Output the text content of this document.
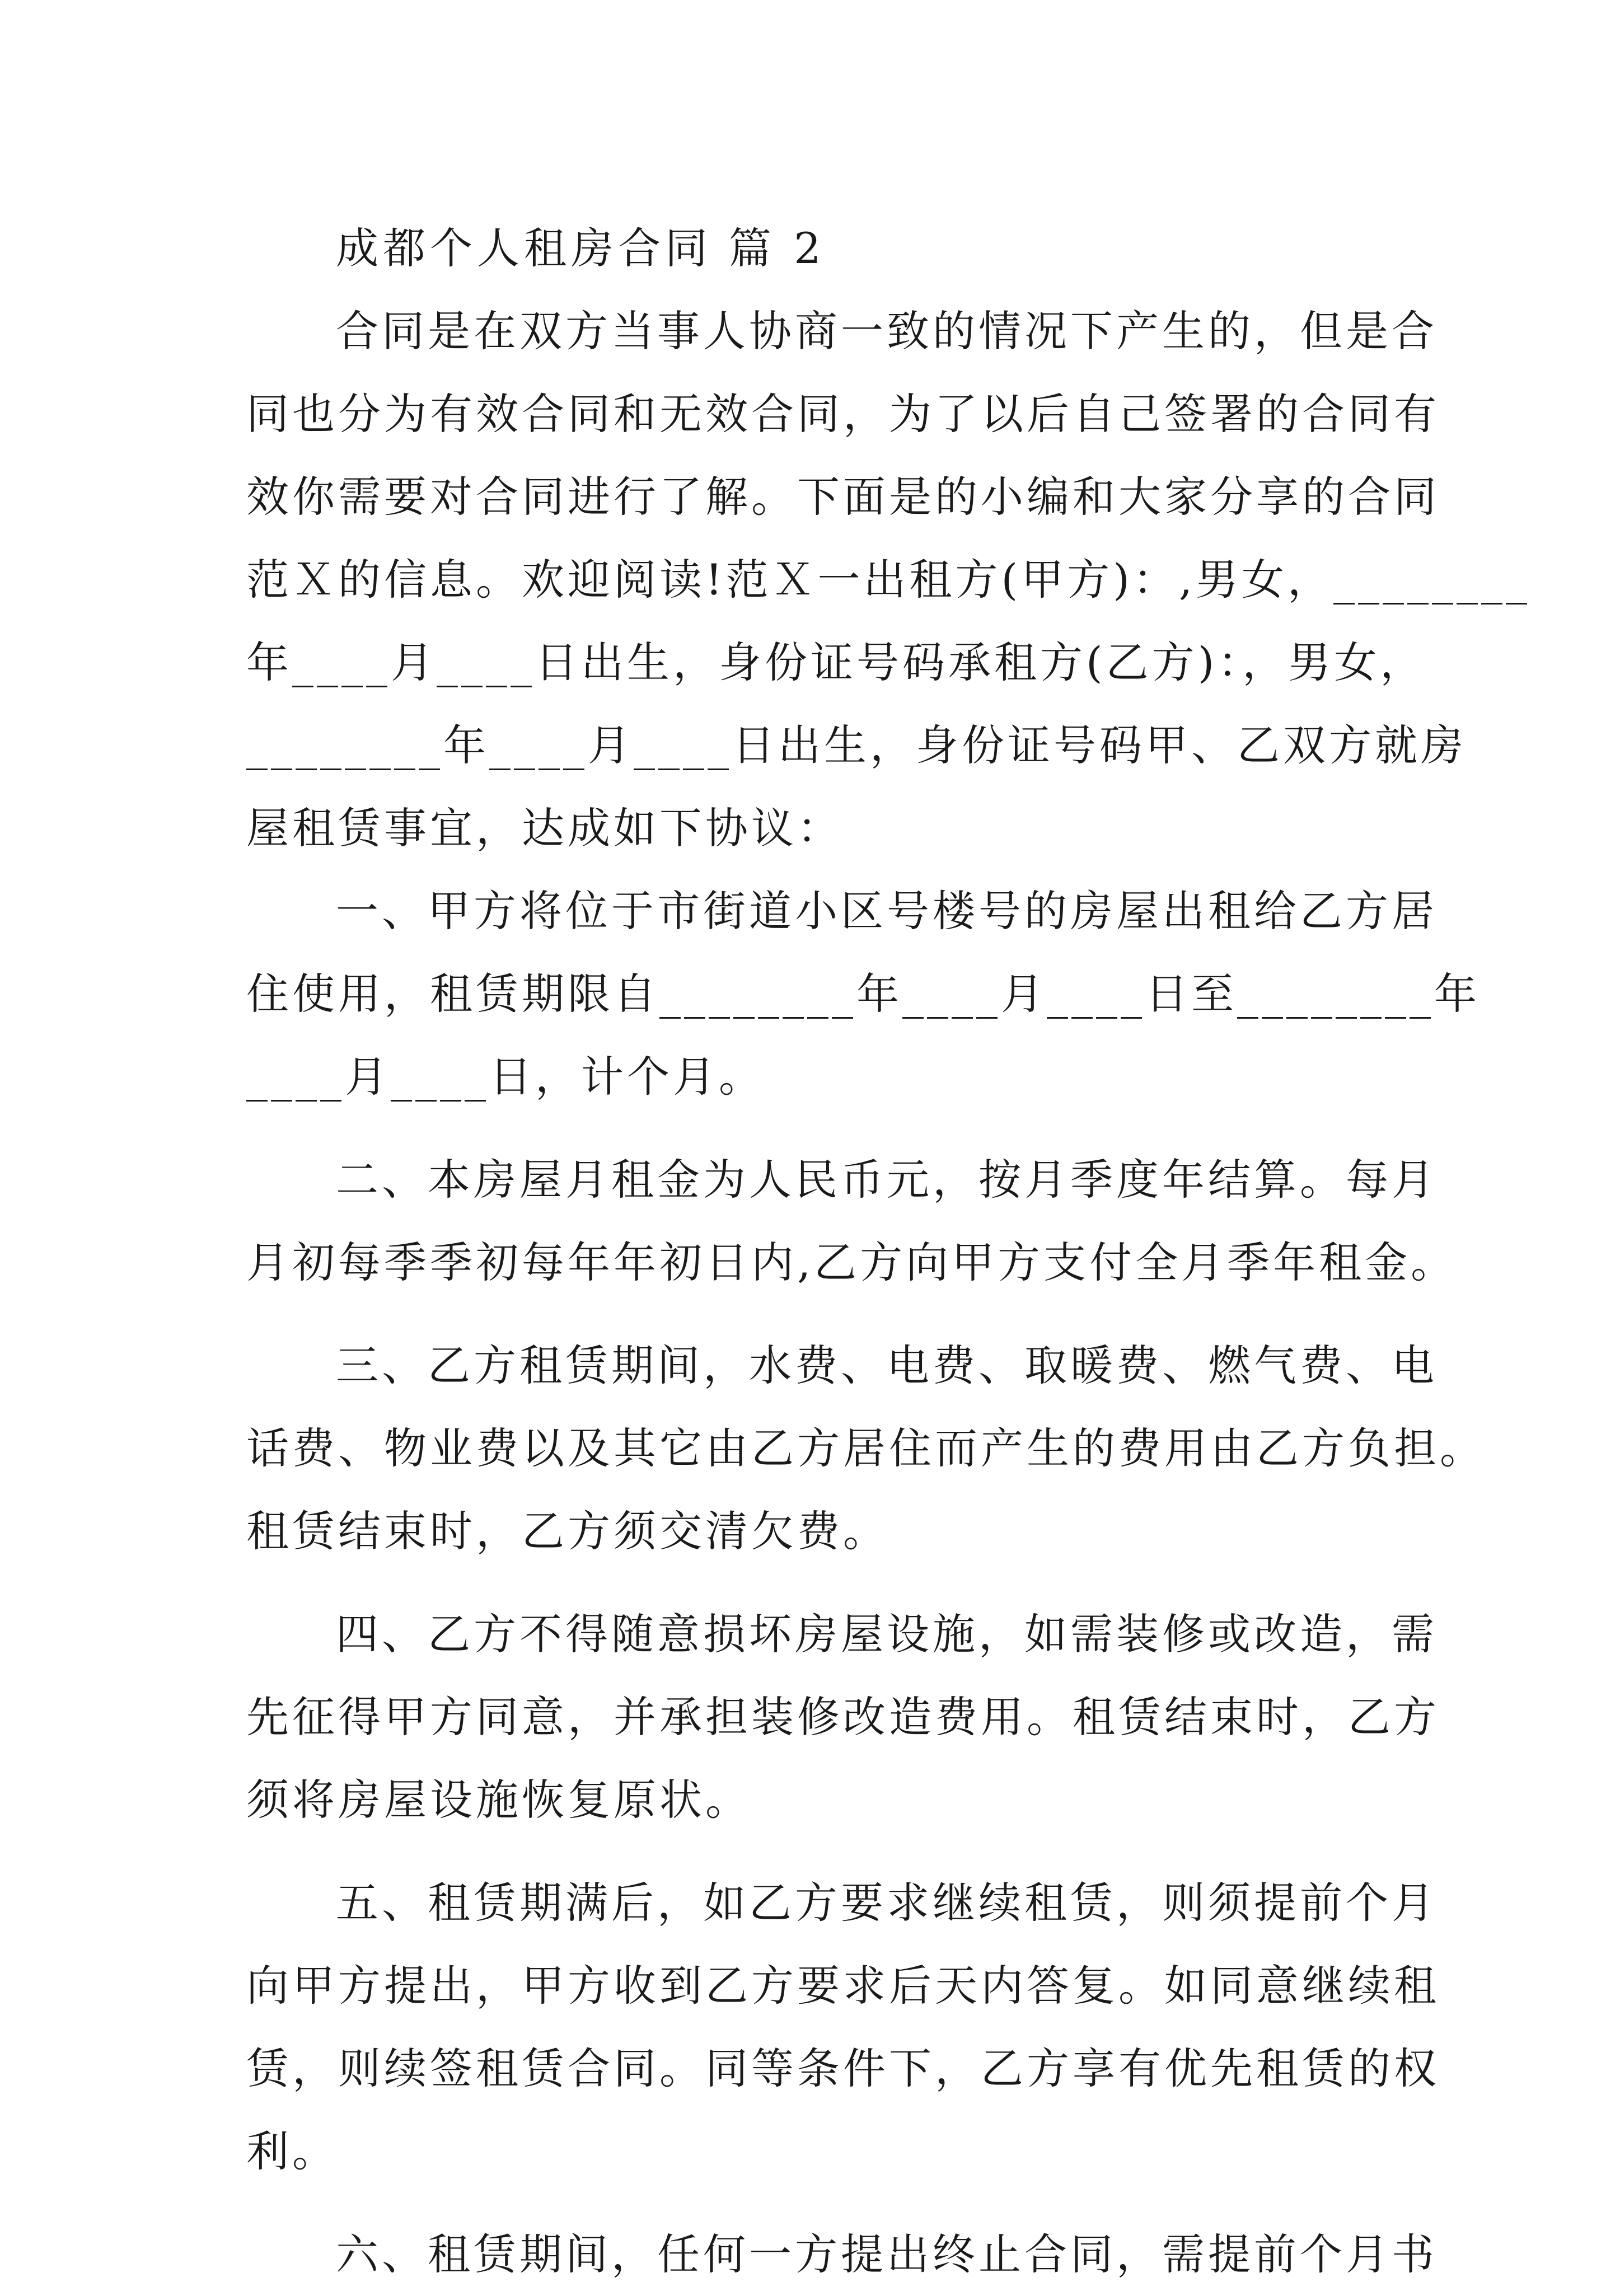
成都个人租房合同 篇 2
合同是在双方当事人协商一致的情况下产生的，但是合
同也分为有效合同和无效合同，为了以后自己签署的合同有
效你需要对合同进行了解。下面是的小编和大家分享的合同
范Ｘ的信息。欢迎阅读!范Ｘ一出租方(甲方)：,男女，________
年____月____日出生，身份证号码承租方(乙方)：，男女，
________年____月____日出生，身份证号码甲、乙双方就房
屋租赁事宜，达成如下协议：
一、甲方将位于市街道小区号楼号的房屋出租给乙方居
住使用，租赁期限自________年____月____日至________年
____月____日，计个月。
二、本房屋月租金为人民币元，按月季度年结算。每月
月初每季季初每年年初日内,乙方向甲方支付全月季年租金。
三、乙方租赁期间，水费、电费、取暖费、燃气费、电
话费、物业费以及其它由乙方居住而产生的费用由乙方负担。
租赁结束时，乙方须交清欠费。
四、乙方不得随意损坏房屋设施，如需装修或改造，需
先征得甲方同意，并承担装修改造费用。租赁结束时，乙方
须将房屋设施恢复原状。
五、租赁期满后，如乙方要求继续租赁，则须提前个月
向甲方提出，甲方收到乙方要求后天内答复。如同意继续租
赁，则续签租赁合同。同等条件下，乙方享有优先租赁的权
利。
六、租赁期间，任何一方提出终止合同，需提前个月书
